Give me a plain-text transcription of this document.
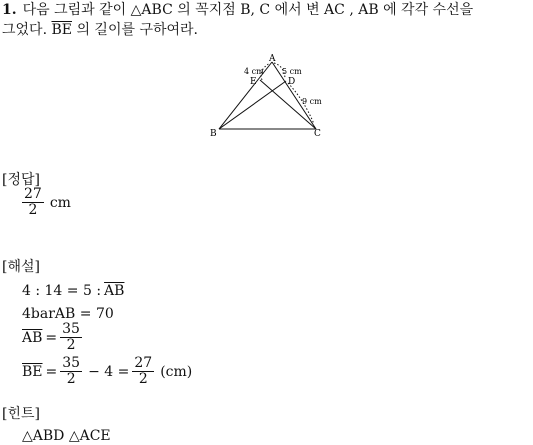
1. 다음 그림과 같이 △ABC 의 꼭지점 B, C 에서 변 AC , AB 에 각각 수선을
그었다. $\overline{BE}$ 의 길이를 구하여라.
A
B	C
D
E
4 cm 5 cm
9 cm
[정답]
$\frac{27}{2}$ cm
[해설]
4 : 14 = 5 : $\overline{AB}$
4barAB = 70
$\overline{AB} = \frac{35}{2}$
$\overline{BE} = \frac{35}{2} - 4 = \frac{27}{2} (cm)$
[힌트]
△ABD △ACE
